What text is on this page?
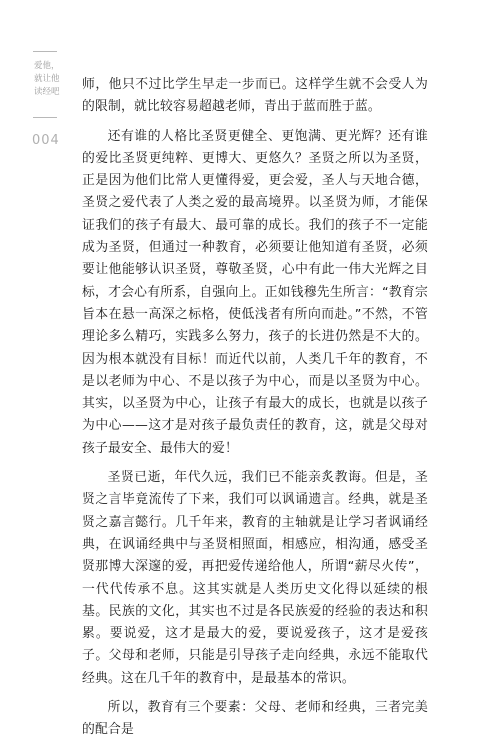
爱他，
就让他
读经吧
004

师，他只不过比学生早走一步而已。这样学生就不会受人为的限制，就比较容易超越老师，青出于蓝而胜于蓝。

还有谁的人格比圣贤更健全、更饱满、更光辉？还有谁的爱比圣贤更纯粹、更博大、更悠久？圣贤之所以为圣贤，正是因为他们比常人更懂得爱，更会爱，圣人与天地合德，圣贤之爱代表了人类之爱的最高境界。以圣贤为师，才能保证我们的孩子有最大、最可靠的成长。我们的孩子不一定能成为圣贤，但通过一种教育，必须要让他知道有圣贤，必须要让他能够认识圣贤，尊敬圣贤，心中有此一伟大光辉之目标，才会心有所系，自强向上。正如钱穆先生所言：“教育宗旨本在悬一高深之标格，使低浅者有所向而赴。”不然，不管理论多么精巧，实践多么努力，孩子的长进仍然是不大的。因为根本就没有目标！而近代以前，人类几千年的教育，不是以老师为中心、不是以孩子为中心，而是以圣贤为中心。其实，以圣贤为中心，让孩子有最大的成长，也就是以孩子为中心——这才是对孩子最负责任的教育，这，就是父母对孩子最安全、最伟大的爱！

圣贤已逝，年代久远，我们已不能亲炙教诲。但是，圣贤之言毕竟流传了下来，我们可以讽诵遗言。经典，就是圣贤之嘉言懿行。几千年来，教育的主轴就是让学习者讽诵经典，在讽诵经典中与圣贤相照面，相感应，相沟通，感受圣贤那博大深邃的爱，再把爱传递给他人，所谓“薪尽火传”，一代代传承不息。这其实就是人类历史文化得以延续的根基。民族的文化，其实也不过是各民族爱的经验的表达和积累。要说爱，这才是最大的爱，要说爱孩子，这才是爱孩子。父母和老师，只能是引导孩子走向经典，永远不能取代经典。这在几千年的教育中，是最基本的常识。

所以，教育有三个要素：父母、老师和经典，三者完美的配合是
